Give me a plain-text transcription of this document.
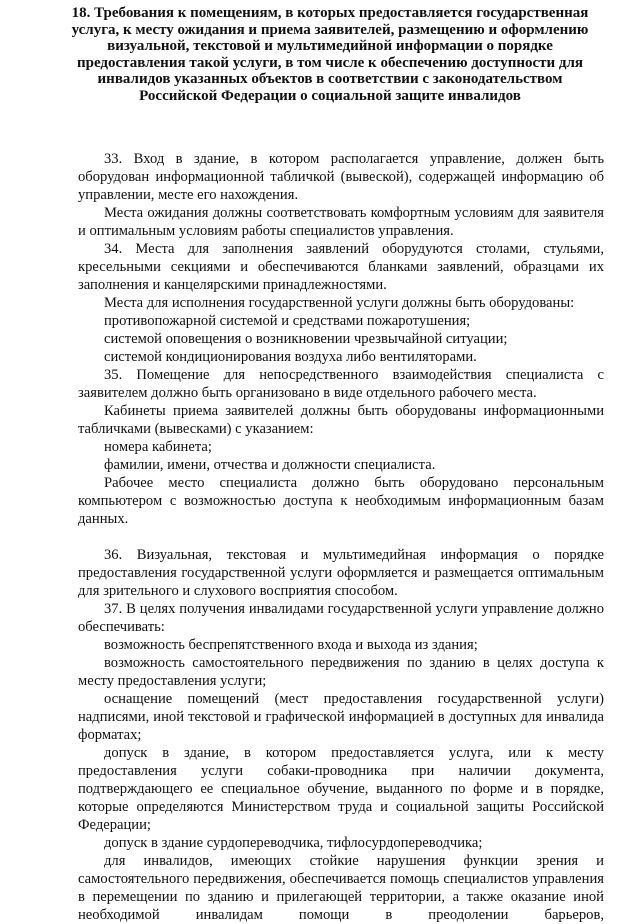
18. Требования к помещениям, в которых предоставляется государственная
услуга, к месту ожидания и приема заявителей, размещению и оформлению
визуальной, текстовой и мультимедийной информации о порядке
предоставления такой услуги, в том числе к обеспечению доступности для
инвалидов указанных объектов в соответствии с законодательством
Российской Федерации о социальной защите инвалидов

33. Вход в здание, в котором располагается управление, должен быть оборудован информационной табличкой (вывеской), содержащей информацию об управлении, месте его нахождения.

Места ожидания должны соответствовать комфортным условиям для заявителя и оптимальным условиям работы специалистов управления.

34. Места для заполнения заявлений оборудуются столами, стульями, кресельными секциями и обеспечиваются бланками заявлений, образцами их заполнения и канцелярскими принадлежностями.

Места для исполнения государственной услуги должны быть оборудованы:

противопожарной системой и средствами пожаротушения;

системой оповещения о возникновении чрезвычайной ситуации;

системой кондиционирования воздуха либо вентиляторами.

35. Помещение для непосредственного взаимодействия специалиста с заявителем должно быть организовано в виде отдельного рабочего места.

Кабинеты приема заявителей должны быть оборудованы информационными табличками (вывесками) с указанием:

номера кабинета;

фамилии, имени, отчества и должности специалиста.

Рабочее место специалиста должно быть оборудовано персональным компьютером с возможностью доступа к необходимым информационным базам данных.

36. Визуальная, текстовая и мультимедийная информация о порядке предоставления государственной услуги оформляется и размещается оптимальным для зрительного и слухового восприятия способом.

37. В целях получения инвалидами государственной услуги управление должно обеспечивать:

возможность беспрепятственного входа и выхода из здания;

возможность самостоятельного передвижения по зданию в целях доступа к месту предоставления услуги;

оснащение помещений (мест предоставления государственной услуги) надписями, иной текстовой и графической информацией в доступных для инвалида форматах;

допуск в здание, в котором предоставляется услуга, или к месту предоставления услуги собаки-проводника при наличии документа, подтверждающего ее специальное обучение, выданного по форме и в порядке, которые определяются Министерством труда и социальной защиты Российской Федерации;

допуск в здание сурдопереводчика, тифлосурдопереводчика;

для инвалидов, имеющих стойкие нарушения функции зрения и самостоятельного передвижения, обеспечивается помощь специалистов управления в перемещении по зданию и прилегающей территории, а также оказание иной необходимой инвалидам помощи в преодолении барьеров,
